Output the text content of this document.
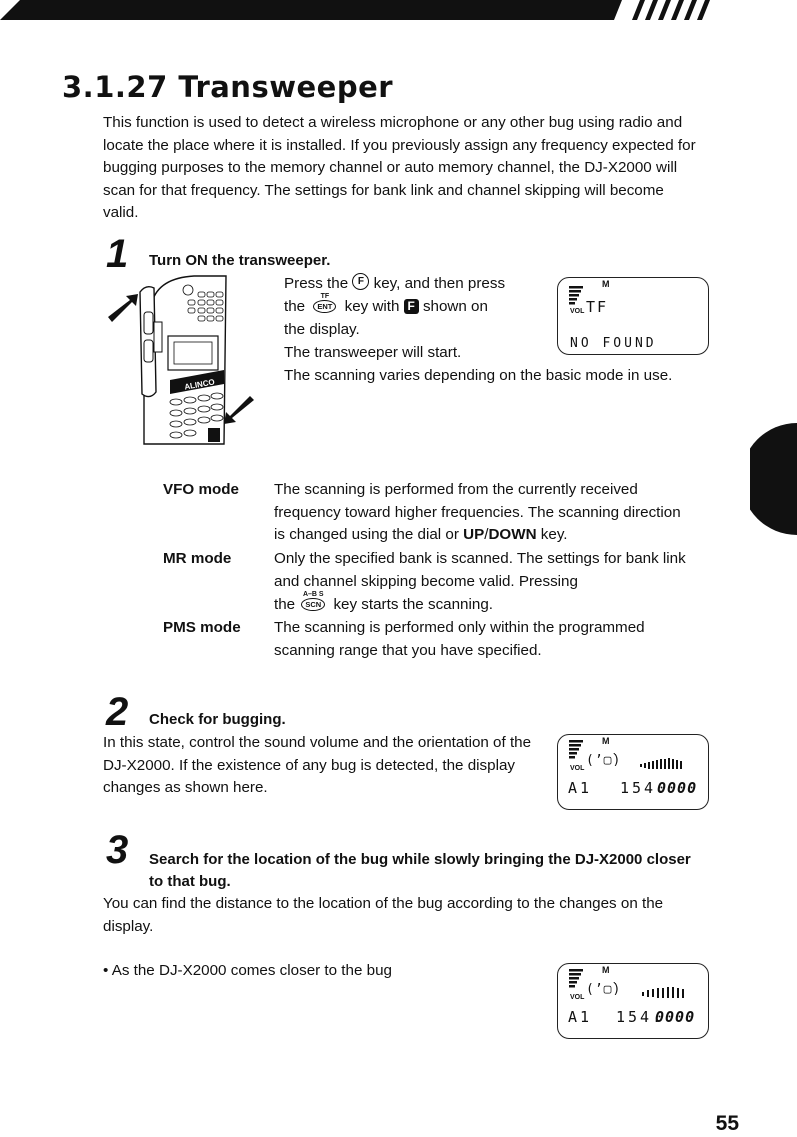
3.1.27 Transweeper
This function is used to detect a wireless microphone or any other bug using radio and locate the place where it is installed. If you previously assign any frequency expected for bugging purposes to the memory channel or auto memory channel, the DJ-X2000 will scan for that frequency. The settings for bank link and channel skipping will become valid.
1 Turn ON the transweeper.
ALINCO
Press the F key, and then press
the
TF
ENT key with F shown on
the display.
The transweeper will start.
The scanning varies depending on the basic mode in use.
VOL
M
TF
NO FOUND
VFO mode The scanning is performed from the currently received frequency toward higher frequencies. The scanning direction is changed using the dial or UP/DOWN key.
MR mode	Only the specified bank is scanned. The settings for bank link and channel skipping become valid. Pressing
the
A–B S
SCN key starts the scanning.
PMS mode The scanning is performed only within the programmed scanning range that you have specified.
2 Check for bugging.
In this state, control the sound volume and the orientation of the DJ-X2000. If the existence of any bug is detected, the display changes as shown here.
VOL
M
(’▢̀)
A1 154.
0000
3 Search for the location of the bug while slowly bringing the DJ-X2000 closer to that bug.
You can find the distance to the location of the bug according to the changes on the display.
• As the DJ-X2000 comes closer to the bug
VOL
M
(’▢̀)
A1 154.
0000
55
